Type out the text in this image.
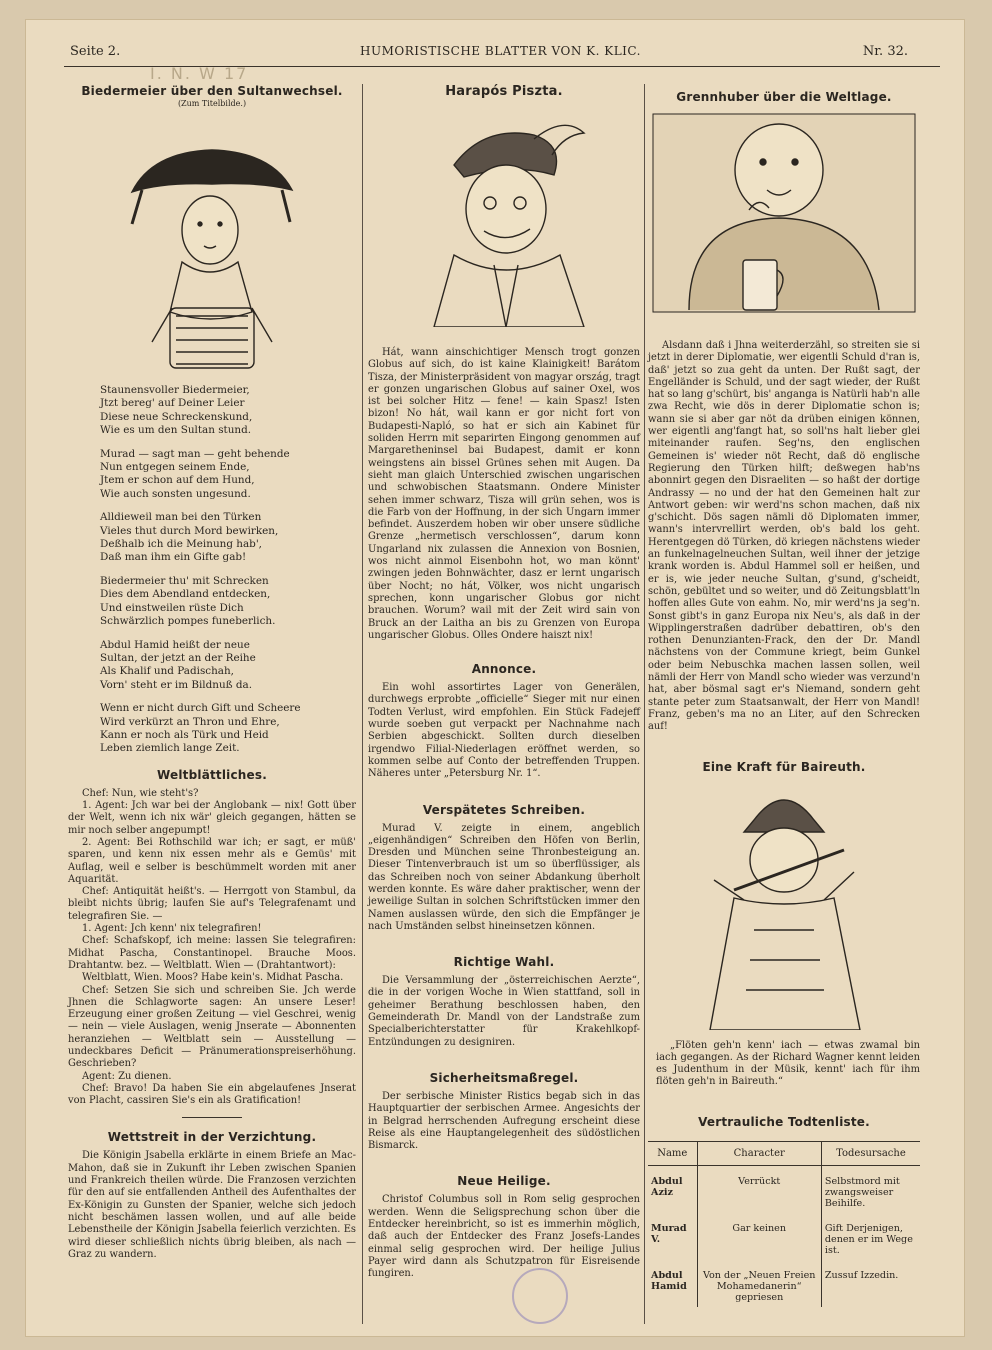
Seite 2.	HUMORISTISCHE BLATTER VON K. KLIC.	Nr. 32.
I. N. W 17
Biedermeier über den Sultanwechsel.
(Zum Titelbilde.)
Staunensvoller Biedermeier,
Jtzt bereg' auf Deiner Leier
Diese neue Schreckenskund,
Wie es um den Sultan stund.
Murad — sagt man — geht behende
Nun entgegen seinem Ende,
Jtem er schon auf dem Hund,
Wie auch sonsten ungesund.
Alldieweil man bei den Türken
Vieles thut durch Mord bewirken,
Deßhalb ich die Meinung hab',
Daß man ihm ein Gifte gab!
Biedermeier thu' mit Schrecken
Dies dem Abendland entdecken,
Und einstweilen rüste Dich
Schwärzlich pompes funeberlich.
Abdul Hamid heißt der neue
Sultan, der jetzt an der Reihe
Als Khalif und Padischah,
Vorn' steht er im Bildnuß da.
Wenn er nicht durch Gift und Scheere
Wird verkürzt an Thron und Ehre,
Kann er noch als Türk und Heid
Leben ziemlich lange Zeit.
Weltblättliches.

Chef: Nun, wie steht's?

1. Agent: Jch war bei der Anglobank — nix! Gott über der Welt, wenn ich nix wär' gleich gegangen, hätten se mir noch selber angepumpt!

2. Agent: Bei Rothschild war ich; er sagt, er müß' sparen, und kenn nix essen mehr als e Gemüs' mit Auflag, weil e selber is beschümmelt worden mit aner Aquarität.

Chef: Antiquität heißt's. — Herrgott von Stambul, da bleibt nichts übrig; laufen Sie auf's Telegrafenamt und telegrafiren Sie. —

1. Agent: Jch kenn' nix telegrafiren!

Chef: Schafskopf, ich meine: lassen Sie telegrafiren: Midhat Pascha, Constantinopel. Brauche Moos. Drahtantw. bez. — Weltblatt. Wien — (Drahtantwort):

Weltblatt, Wien. Moos? Habe kein's. Midhat Pascha.

Chef: Setzen Sie sich und schreiben Sie. Jch werde Jhnen die Schlagworte sagen: An unsere Leser! Erzeugung einer großen Zeitung — viel Geschrei, wenig — nein — viele Auslagen, wenig Jnserate — Abonnenten heranziehen — Weltblatt sein — Ausstellung — undeckbares Deficit — Pränumerationspreiserhöhung. Geschrieben?

Agent: Zu dienen.

Chef: Bravo! Da haben Sie ein abgelaufenes Jnserat von Placht, cassiren Sie's ein als Gratification!

Wettstreit in der Verzichtung.

Die Königin Jsabella erklärte in einem Briefe an Mac-Mahon, daß sie in Zukunft ihr Leben zwischen Spanien und Frankreich theilen würde. Die Franzosen verzichten für den auf sie entfallenden Antheil des Aufenthaltes der Ex-Königin zu Gunsten der Spanier, welche sich jedoch nicht beschämen lassen wollen, und auf alle beide Lebenstheile der Königin Jsabella feierlich verzichten. Es wird dieser schließlich nichts übrig bleiben, als nach — Graz zu wandern.

Harapós Piszta.

Hát, wann ainschichtiger Mensch trogt gonzen Globus auf sich, do ist kaine Klainigkeit! Barátom Tisza, der Ministerpräsident von magyar ország, tragt er gonzen ungarischen Globus auf sainer Oxel, wos ist bei solcher Hitz — fene! — kain Spasz! Isten bizon! No hát, wail kann er gor nicht fort von Budapesti-Napló, so hat er sich ain Kabinet für soliden Herrn mit separirten Eingong genommen auf Margaretheninsel bai Budapest, damit er konn weingstens ain bissel Grünes sehen mit Augen. Da sieht man glaich Unterschied zwischen ungarischen und schwobischen Staatsmann. Ondere Minister sehen immer schwarz, Tisza will grün sehen, wos is die Farb von der Hoffnung, in der sich Ungarn immer befindet. Auszerdem hoben wir ober unsere südliche Grenze „hermetisch verschlossen“, darum konn Ungarland nix zulassen die Annexion von Bosnien, wos nicht ainmol Eisenbohn hot, wo man könnt' zwingen jeden Bohnwächter, dasz er lernt ungarisch über Nocht; no hát, Völker, wos nicht ungarisch sprechen, konn ungarischer Globus gor nicht brauchen. Worum? wail mit der Zeit wird sain von Bruck an der Laitha an bis zu Grenzen von Europa ungarischer Globus. Olles Ondere haiszt nix!

Annonce.

Ein wohl assortirtes Lager von Generälen, durchwegs erprobte „officielle“ Sieger mit nur einen Todten Verlust, wird empfohlen. Ein Stück Fadejeff wurde soeben gut verpackt per Nachnahme nach Serbien abgeschickt. Sollten durch dieselben irgendwo Filial-Niederlagen eröffnet werden, so kommen selbe auf Conto der betreffenden Truppen. Näheres unter „Petersburg Nr. 1“.

Verspätetes Schreiben.

Murad V. zeigte in einem, angeblich „eigenhändigen“ Schreiben den Höfen von Berlin, Dresden und München seine Thronbesteigung an. Dieser Tintenverbrauch ist um so überflüssiger, als das Schreiben noch von seiner Abdankung überholt werden konnte. Es wäre daher praktischer, wenn der jeweilige Sultan in solchen Schriftstücken immer den Namen auslassen würde, den sich die Empfänger je nach Umständen selbst hineinsetzen können.

Richtige Wahl.

Die Versammlung der „österreichischen Aerzte“, die in der vorigen Woche in Wien stattfand, soll in geheimer Berathung beschlossen haben, den Gemeinderath Dr. Mandl von der Landstraße zum Specialberichterstatter für Krakehlkopf-Entzündungen zu designiren.

Sicherheitsmaßregel.

Der serbische Minister Ristics begab sich in das Hauptquartier der serbischen Armee. Angesichts der in Belgrad herrschenden Aufregung erscheint diese Reise als eine Hauptangelegenheit des südöstlichen Bismarck.

Neue Heilige.

Christof Columbus soll in Rom selig gesprochen werden. Wenn die Seligsprechung schon über die Entdecker hereinbricht, so ist es immerhin möglich, daß auch der Entdecker des Franz Josefs-Landes einmal selig gesprochen wird. Der heilige Julius Payer wird dann als Schutzpatron für Eisreisende fungiren.

Grennhuber über die Weltlage.

Alsdann daß i Jhna weiterderzähl, so streiten sie si jetzt in derer Diplomatie, wer eigentli Schuld d'ran is, daß' jetzt so zua geht da unten. Der Rußt sagt, der Engelländer is Schuld, und der sagt wieder, der Rußt hat so lang g'schürt, bis' anganga is Natürli hab'n alle zwa Recht, wie dös in derer Diplomatie schon is; wann sie si aber gar nöt da drüben einigen können, wer eigentli ang'fangt hat, so soll'ns halt lieber glei miteinander raufen. Seg'ns, den englischen Gemeinen is' wieder nöt Recht, daß dö englische Regierung den Türken hilft; deßwegen hab'ns abonnirt gegen den Disraeliten — so haßt der dortige Andrassy — no und der hat den Gemeinen halt zur Antwort geben: wir werd'ns schon machen, daß nix g'schicht. Dös sagen nämli dö Diplomaten immer, wann's intervrellirt werden, ob's bald los geht. Herentgegen dö Türken, dö kriegen nächstens wieder an funkelnagelneuchen Sultan, weil ihner der jetzige krank worden is. Abdul Hammel soll er heißen, und er is, wie jeder neuche Sultan, g'sund, g'scheidt, schön, gebültet und so weiter, und dö Zeitungsblatt'ln hoffen alles Gute von eahm. No, mir werd'ns ja seg'n. Sonst gibt's in ganz Europa nix Neu's, als daß in der Wipplingerstraßen dadrüber debattiren, ob's den rothen Denunzianten-Frack, den der Dr. Mandl nächstens von der Commune kriegt, beim Gunkel oder beim Nebuschka machen lassen sollen, weil nämli der Herr von Mandl scho wieder was verzund'n hat, aber bösmal sagt er's Niemand, sondern geht stante peter zum Staatsanwalt, der Herr von Mandl! Franz, geben's ma no an Liter, auf den Schrecken auf!

Eine Kraft für Baireuth.

„Flöten geh'n kenn' iach — etwas zwamal bin iach gegangen. As der Richard Wagner kennt leiden es Judenthum in der Müsik, kennt' iach für ihm flöten geh'n in Baireuth.“

Vertrauliche Todtenliste.
Name	Character	Todesursache
Abdul Aziz	Verrückt	Selbstmord mit zwangsweiser Beihilfe.
Murad V.	Gar keinen	Gift Derjenigen, denen er im Wege ist.
Abdul Hamid	Von der „Neuen Freien Mohamedanerin“ gepriesen	Zussuf Izzedin.
